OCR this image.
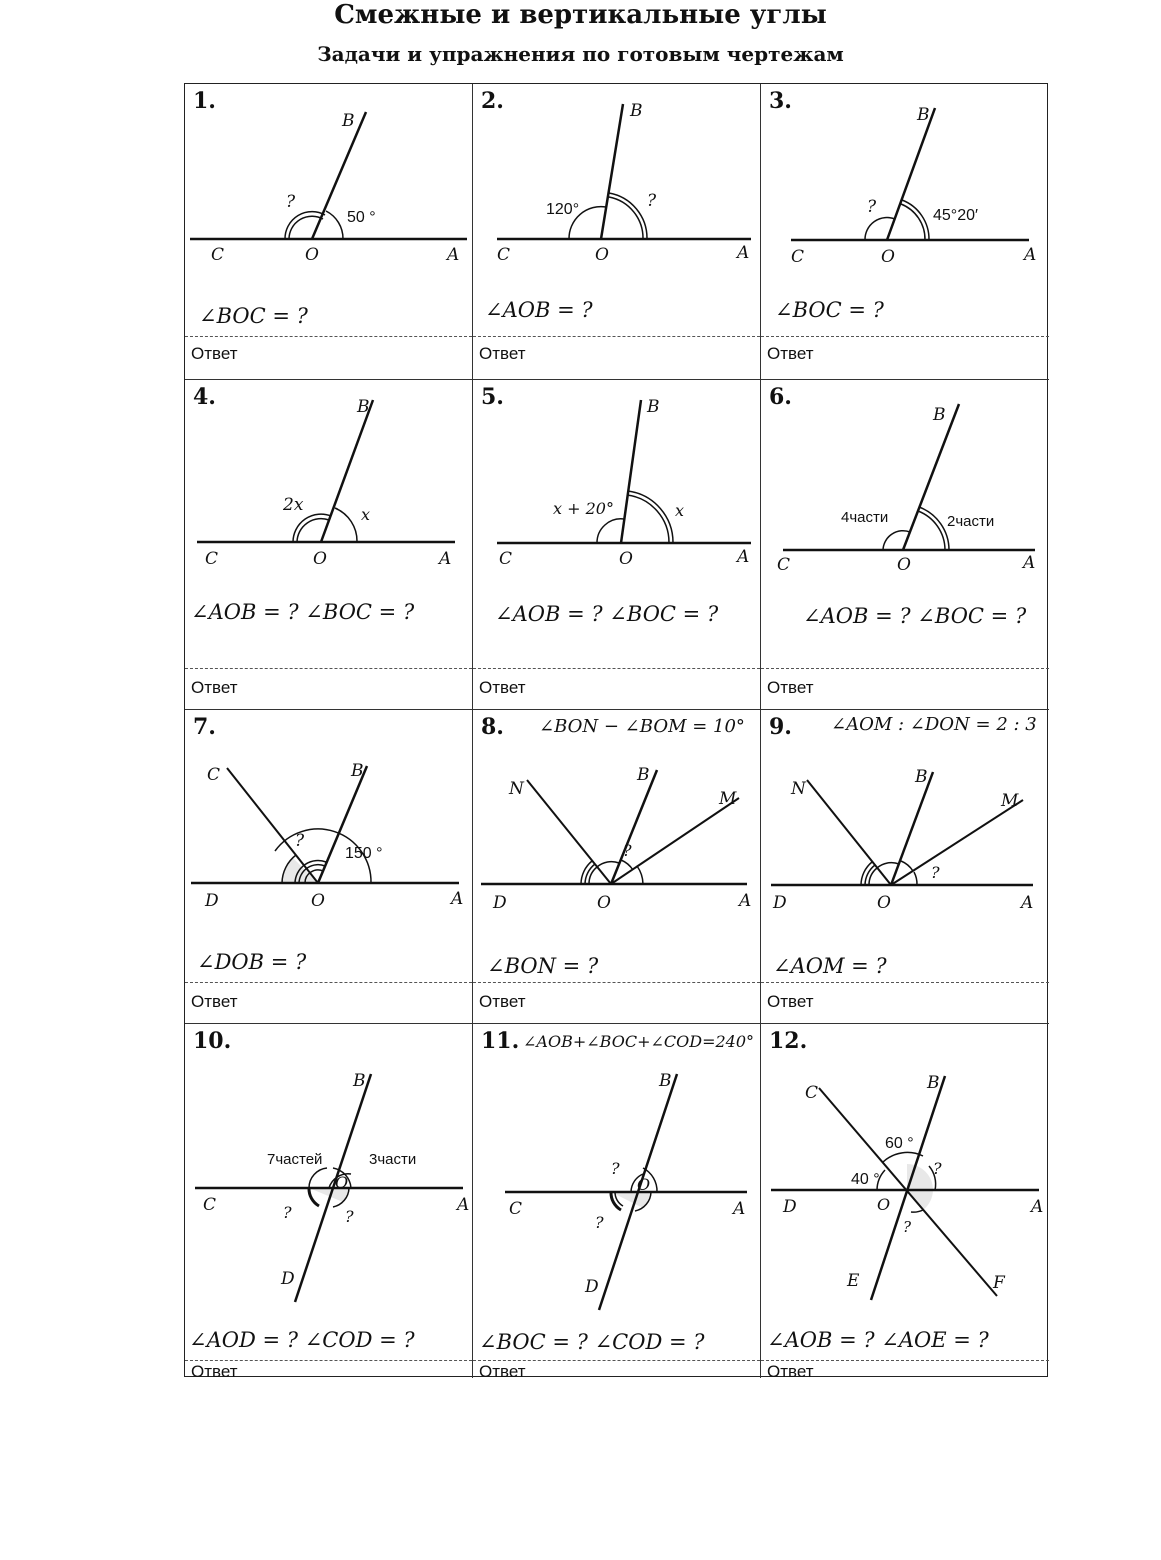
Смежные и вертикальные углы
Задачи и упражнения по готовым чертежам
1.
B
C	O	A
?
50 °
∠BOC = ?
Ответ
2.	B
C	O	A
120°	?
∠AOB = ?
Ответ
3.
B
C	O	A
?	45°20′
∠BOC = ?
Ответ
4.	B
C	O	A
2x	x
∠AOB = ? ∠BOC = ?
Ответ
5.	B
C	O	A
x + 20°	x
∠AOB = ? ∠BOC = ?
Ответ
6.
B
C	O	A
4части	2части
∠AOB = ? ∠BOC = ?
Ответ
7.
C	B
D	O	A
?
150 °
∠DOB = ?
Ответ
8. ∠BON − ∠BOM = 10°
N
B
M
D	O	A
?
∠BON = ?
Ответ
9. ∠AOM : ∠DON = 2 : 3
N
B
M
D	O	A
?
∠AOM = ?
Ответ
10.
B
C
O
A
D
7частей	3части
?	?
∠AOD = ? ∠COD = ?
Ответ
11. ∠AOB+∠BOC+∠COD=240°
B
C
O
A
D
?
?
∠BOC = ? ∠COD = ?
Ответ
12.
C	B
D	O	A
E	F
60 °
40 °
?
?
∠AOB = ? ∠AOE = ?
Ответ
